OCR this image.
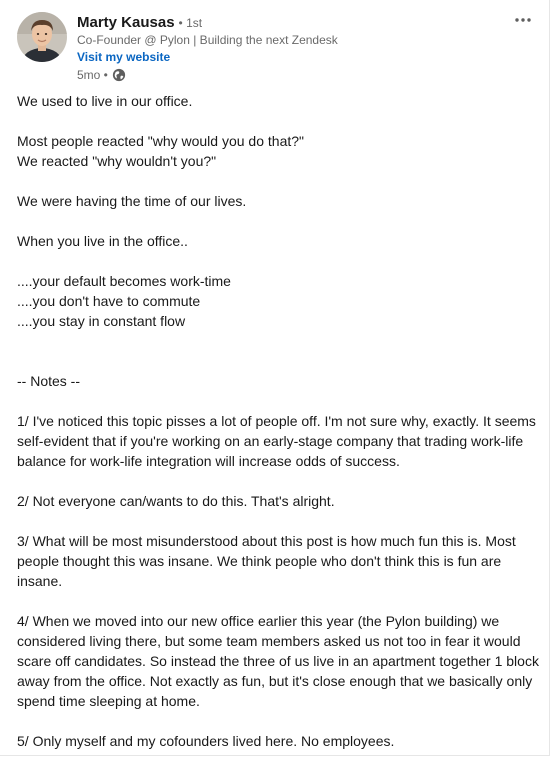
Marty Kausas • 1st
Co-Founder @ Pylon | Building the next Zendesk
Visit my website
5mo •

We used to live in our office.

Most people reacted "why would you do that?"

We reacted "why wouldn't you?"

We were having the time of our lives.

When you live in the office..

....your default becomes work-time

....you don't have to commute

....you stay in constant flow

-- Notes --

1/ I've noticed this topic pisses a lot of people off. I'm not sure why, exactly. It seems self-evident that if you're working on an early-stage company that trading work-life balance for work-life integration will increase odds of success.

2/ Not everyone can/wants to do this. That's alright.

3/ What will be most misunderstood about this post is how much fun this is. Most people thought this was insane. We think people who don't think this is fun are insane.

4/ When we moved into our new office earlier this year (the Pylon building) we considered living there, but some team members asked us not too in fear it would scare off candidates. So instead the three of us live in an apartment together 1 block away from the office. Not exactly as fun, but it's close enough that we basically only spend time sleeping at home.

5/ Only myself and my cofounders lived here. No employees.
